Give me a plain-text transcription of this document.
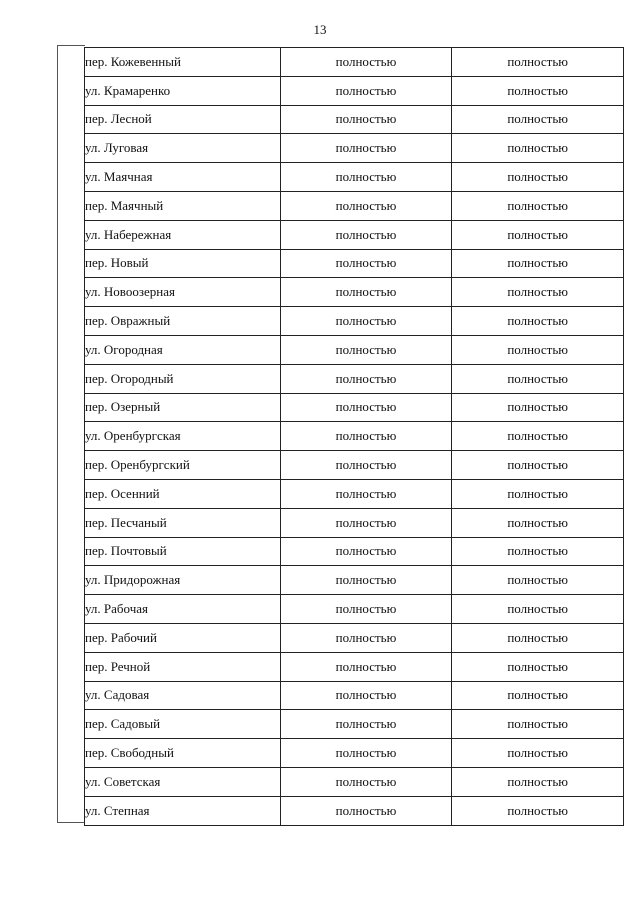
13
пер. Кожевенный	полностью	полностью
ул. Крамаренко	полностью	полностью
пер. Лесной	полностью	полностью
ул. Луговая	полностью	полностью
ул. Маячная	полностью	полностью
пер. Маячный	полностью	полностью
ул. Набережная	полностью	полностью
пер. Новый	полностью	полностью
ул. Новоозерная	полностью	полностью
пер. Овражный	полностью	полностью
ул. Огородная	полностью	полностью
пер. Огородный	полностью	полностью
пер. Озерный	полностью	полностью
ул. Оренбургская	полностью	полностью
пер. Оренбургский	полностью	полностью
пер. Осенний	полностью	полностью
пер. Песчаный	полностью	полностью
пер. Почтовый	полностью	полностью
ул. Придорожная	полностью	полностью
ул. Рабочая	полностью	полностью
пер. Рабочий	полностью	полностью
пер. Речной	полностью	полностью
ул. Садовая	полностью	полностью
пер. Садовый	полностью	полностью
пер. Свободный	полностью	полностью
ул. Советская	полностью	полностью
ул. Степная	полностью	полностью
